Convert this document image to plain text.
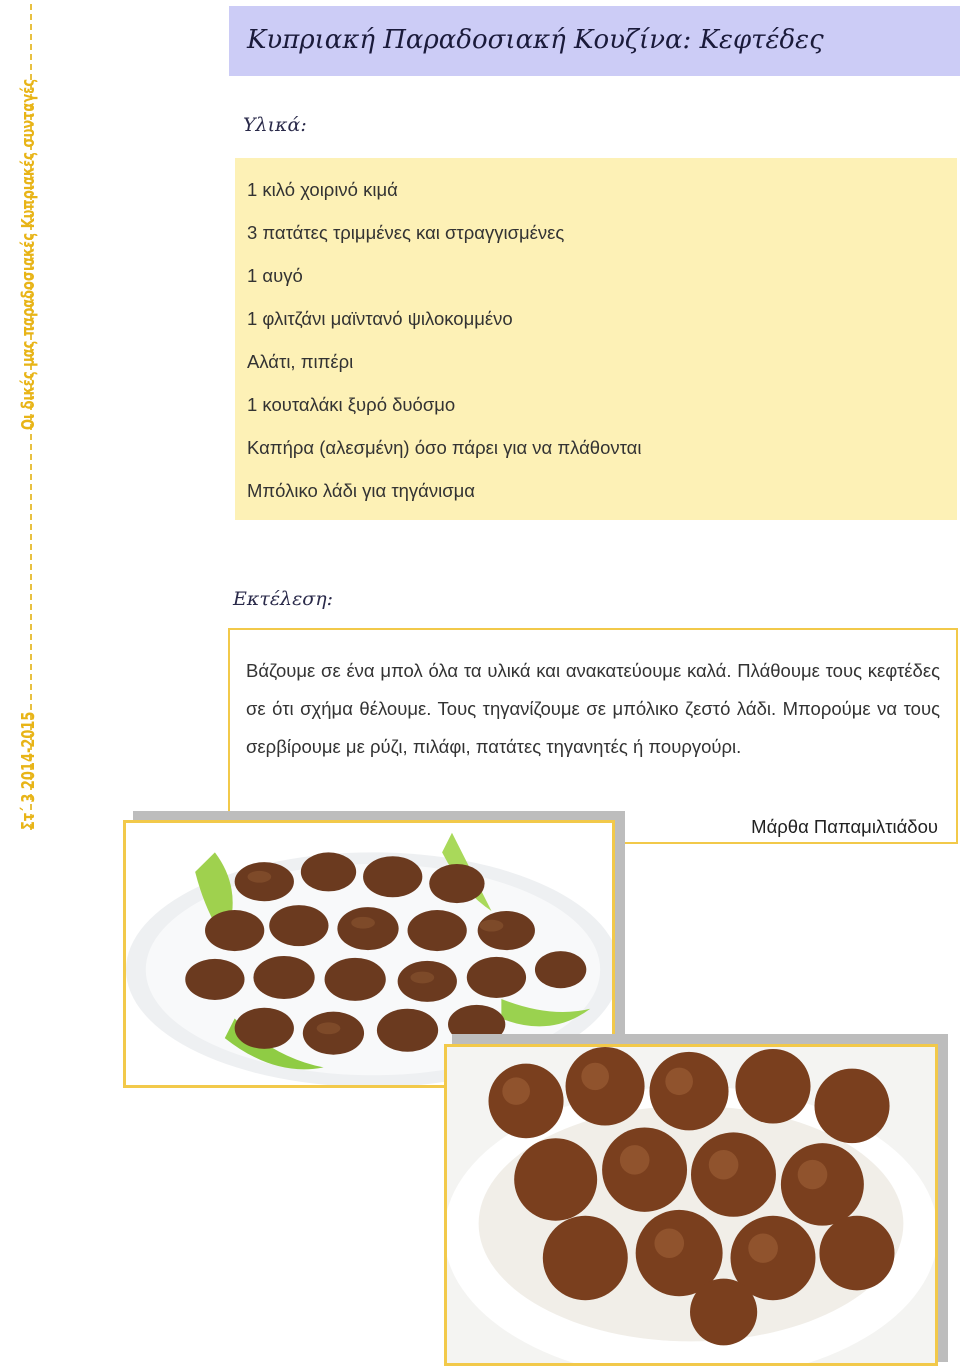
Οι δικές μας παραδοσιακές Κυπριακές συνταγές
Στ΄ 3 2014-2015
Κυπριακή Παραδοσιακή Κουζίνα: Κεφτέδες
Υλικά:
1 κιλό χοιρινό κιμά
3 πατάτες τριμμένες και στραγγισμένες
1 αυγό
1 φλιτζάνι μαϊντανό ψιλοκομμένο
Αλάτι, πιπέρι
1 κουταλάκι ξυρό δυόσμο
Καπήρα (αλεσμένη) όσο πάρει για να πλάθονται
Μπόλικο λάδι για τηγάνισμα
Εκτέλεση:
Βάζουμε σε ένα μπολ όλα τα υλικά και ανακατεύουμε καλά. Πλάθουμε τους κεφτέδες σε ότι σχήμα θέλουμε. Τους τηγανίζουμε σε μπόλικο ζεστό λάδι. Μπορούμε να τους σερβίρουμε με ρύζι, πιλάφι, πατάτες τηγανητές ή πουργούρι.
Μάρθα Παπαμιλτιάδου
